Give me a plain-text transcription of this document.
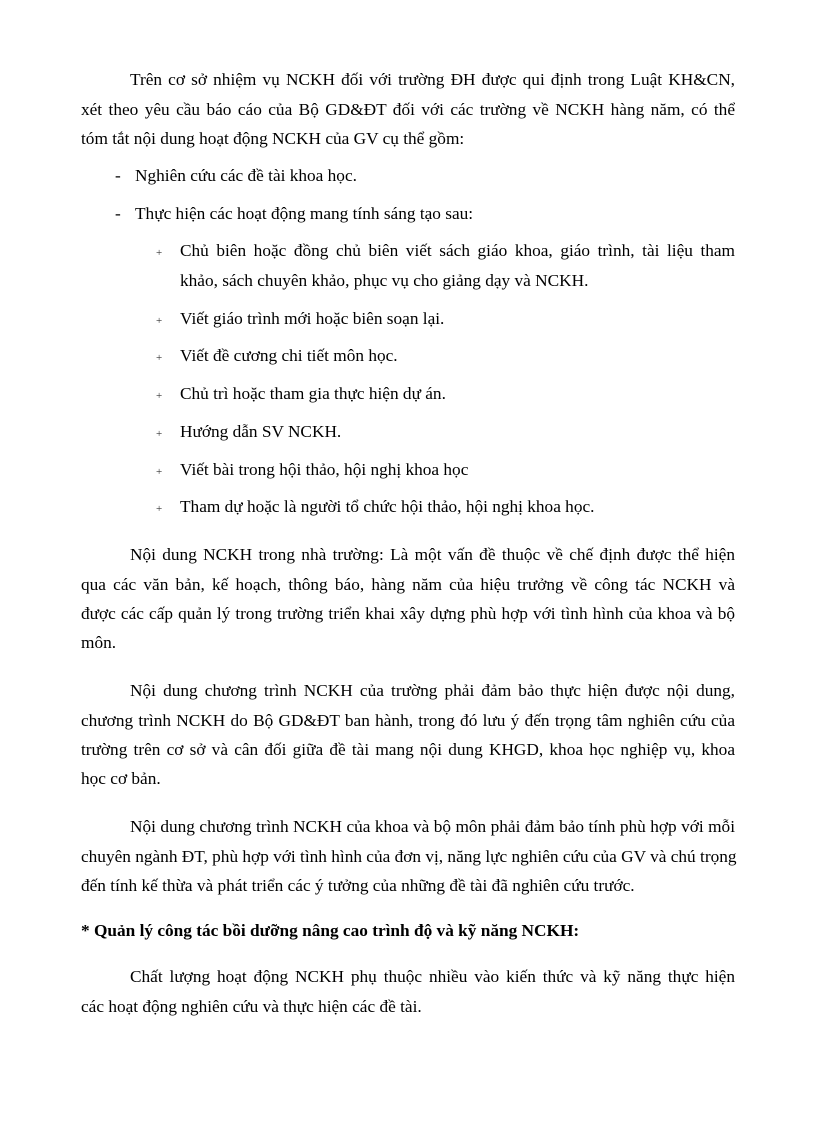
Trên cơ sở nhiệm vụ NCKH đối với trường ĐH được qui định trong Luật KH&CN,
xét theo yêu cầu báo cáo của Bộ GD&ĐT đối với các trường về NCKH hàng năm, có thể
tóm tắt nội dung hoạt động NCKH của GV cụ thể gồm:
- Nghiên cứu các đề tài khoa học.
- Thực hiện các hoạt động mang tính sáng tạo sau:
+ Chủ biên hoặc đồng chủ biên viết sách giáo khoa, giáo trình, tài liệu tham
khảo, sách chuyên khảo, phục vụ cho giảng dạy và NCKH.
+ Viết giáo trình mới hoặc biên soạn lại.
+ Viết đề cương chi tiết môn học.
+ Chủ trì hoặc tham gia thực hiện dự án.
+ Hướng dẫn SV NCKH.
+ Viết bài trong hội thảo, hội nghị khoa học
+ Tham dự hoặc là người tổ chức hội thảo, hội nghị khoa học.
Nội dung NCKH trong nhà trường: Là một vấn đề thuộc về chế định được thể hiện
qua các văn bản, kế hoạch, thông báo, hàng năm của hiệu trưởng về công tác NCKH và
được các cấp quản lý trong trường triển khai xây dựng phù hợp với tình hình của khoa và bộ
môn.
Nội dung chương trình NCKH của trường phải đảm bảo thực hiện được nội dung,
chương trình NCKH do Bộ GD&ĐT ban hành, trong đó lưu ý đến trọng tâm nghiên cứu của
trường trên cơ sở và cân đối giữa đề tài mang nội dung KHGD, khoa học nghiệp vụ, khoa
học cơ bản.
Nội dung chương trình NCKH của khoa và bộ môn phải đảm bảo tính phù hợp với mỗi
chuyên ngành ĐT, phù hợp với tình hình của đơn vị, năng lực nghiên cứu của GV và chú trọng
đến tính kế thừa và phát triển các ý tưởng của những đề tài đã nghiên cứu trước.
* Quản lý công tác bồi dưỡng nâng cao trình độ và kỹ năng NCKH:
Chất lượng hoạt động NCKH phụ thuộc nhiều vào kiến thức và kỹ năng thực hiện
các hoạt động nghiên cứu và thực hiện các đề tài.
